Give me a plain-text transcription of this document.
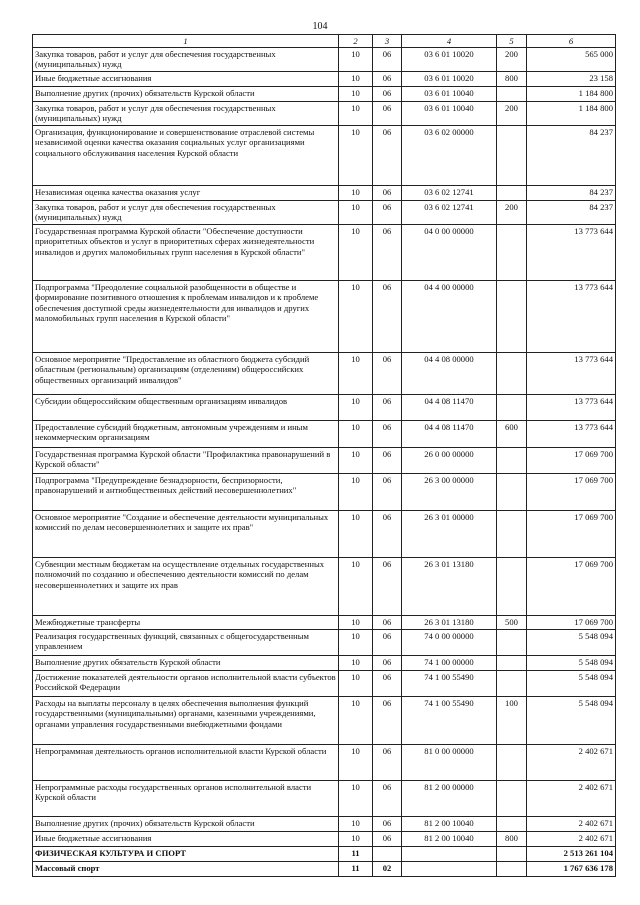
104
1	2	3	4	5	6
Закупка товаров, работ и услуг для обеспечения государственных (муниципальных) нужд	10	06	03 6 01 10020	200	565 000
Иные бюджетные ассигнования	10	06	03 6 01 10020	800	23 158
Выполнение других (прочих) обязательств Курской области	10	06	03 6 01 10040		1 184 800
Закупка товаров, работ и услуг для обеспечения государственных (муниципальных) нужд	10	06	03 6 01 10040	200	1 184 800
Организация, функционирование и совершенствование отраслевой системы независимой оценки качества оказания социальных услуг организациями социального обслуживания населения Курской области	10	06	03 6 02 00000		84 237
Независимая оценка качества оказания услуг	10	06	03 6 02 12741		84 237
Закупка товаров, работ и услуг для обеспечения государственных (муниципальных) нужд	10	06	03 6 02 12741	200	84 237
Государственная программа Курской области "Обеспечение доступности приоритетных объектов и услуг в приоритетных сферах жизнедеятельности инвалидов и других маломобильных групп населения в Курской области"	10	06	04 0 00 00000		13 773 644
Подпрограмма "Преодоление социальной разобщенности в обществе и формирование позитивного отношения к проблемам инвалидов и к проблеме обеспечения доступной среды жизнедеятельности для инвалидов и других маломобильных групп населения в Курской области"	10	06	04 4 00 00000		13 773 644
Основное мероприятие "Предоставление из областного бюджета субсидий областным (региональным) организациям (отделениям) общероссийских общественных организаций инвалидов"	10	06	04 4 08 00000		13 773 644
Субсидии общероссийским общественным организациям инвалидов	10	06	04 4 08 11470		13 773 644
Предоставление субсидий бюджетным, автономным учреждениям и иным некоммерческим организациям	10	06	04 4 08 11470	600	13 773 644
Государственная программа Курской области "Профилактика правонарушений в Курской области"	10	06	26 0 00 00000		17 069 700
Подпрограмма "Предупреждение безнадзорности, беспризорности, правонарушений и антиобщественных действий несовершеннолетних"	10	06	26 3 00 00000		17 069 700
Основное мероприятие "Создание и обеспечение деятельности муниципальных комиссий по делам несовершеннолетних и защите их прав"	10	06	26 3 01 00000		17 069 700
Субвенции местным бюджетам на осуществление отдельных государственных полномочий по созданию и обеспечению деятельности комиссий по делам несовершеннолетних и защите их прав	10	06	26 3 01 13180		17 069 700
Межбюджетные трансферты	10	06	26 3 01 13180	500	17 069 700
Реализация государственных функций, связанных с общегосударственным управлением	10	06	74 0 00 00000		5 548 094
Выполнение других обязательств Курской области	10	06	74 1 00 00000		5 548 094
Достижение показателей деятельности органов исполнительной власти субъектов Российской Федерации	10	06	74 1 00 55490		5 548 094
Расходы на выплаты персоналу в целях обеспечения выполнения функций государственными (муниципальными) органами, казенными учреждениями, органами управления государственными внебюджетными фондами	10	06	74 1 00 55490	100	5 548 094
Непрограммная деятельность органов исполнительной власти Курской области	10	06	81 0 00 00000		2 402 671
Непрограммные расходы государственных органов исполнительной власти Курской области	10	06	81 2 00 00000		2 402 671
Выполнение других (прочих) обязательств Курской области	10	06	81 2 00 10040		2 402 671
Иные бюджетные ассигнования	10	06	81 2 00 10040	800	2 402 671
ФИЗИЧЕСКАЯ КУЛЬТУРА И СПОРТ	11				2 513 261 104
Массовый спорт	11	02			1 767 636 178
